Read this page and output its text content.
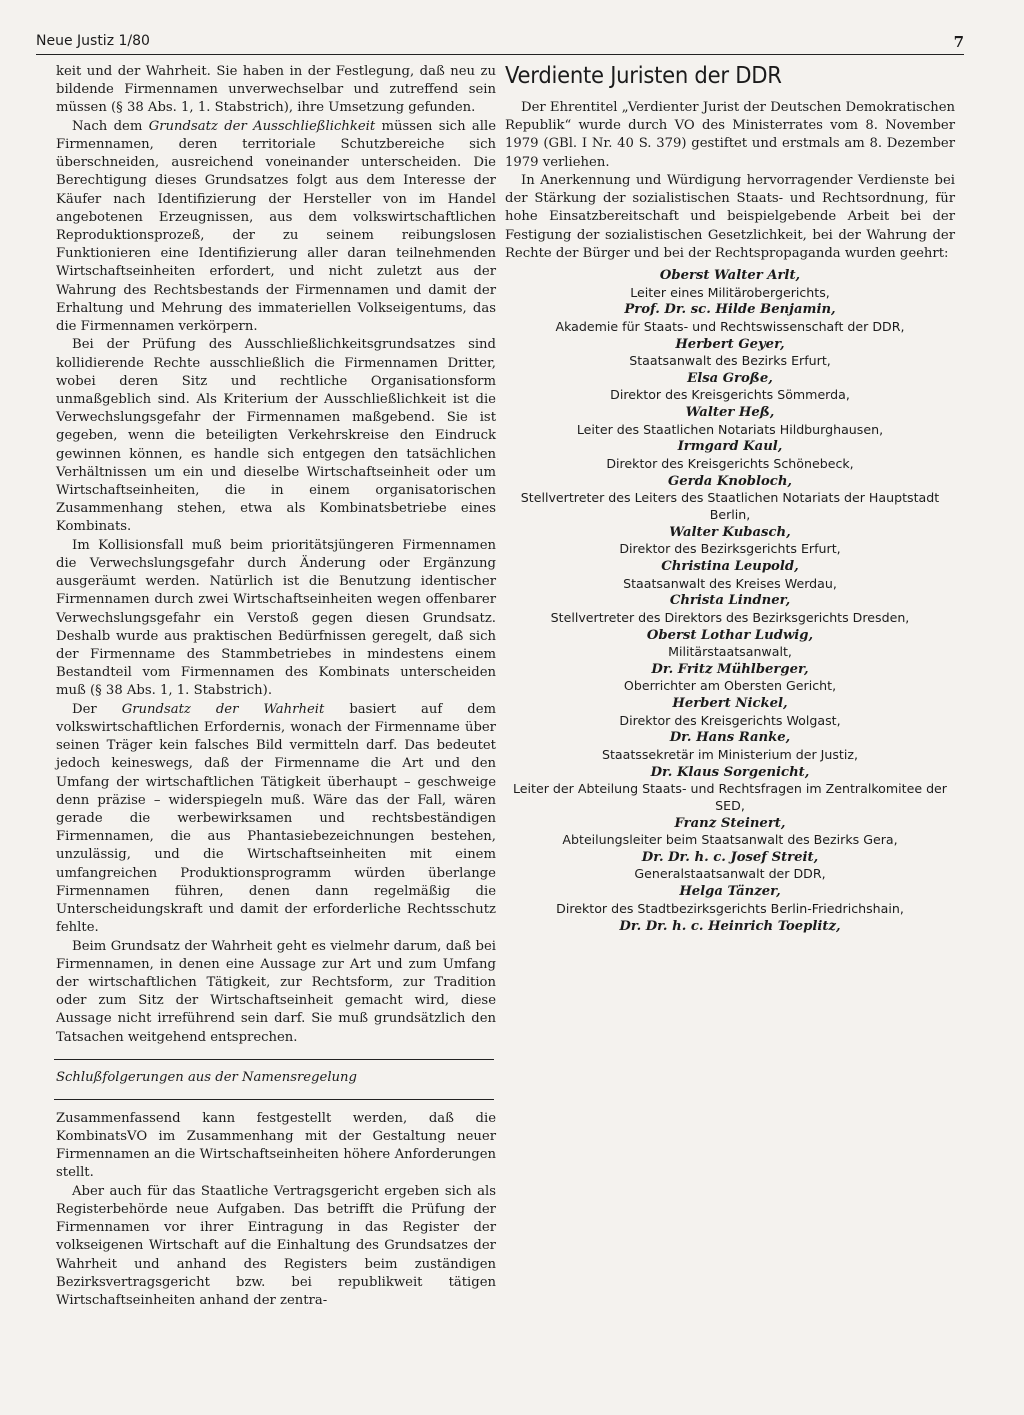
Neue Justiz 1/80	7

keit und der Wahrheit. Sie haben in der Festlegung, daß neu zu bildende Firmennamen unverwechselbar und zutreffend sein müssen (§ 38 Abs. 1, 1. Stabstrich), ihre Umsetzung gefunden.

Nach dem Grundsatz der Ausschließlichkeit müssen sich alle Firmennamen, deren territoriale Schutzbereiche sich überschneiden, ausreichend voneinander unterscheiden. Die Berechtigung dieses Grundsatzes folgt aus dem Interesse der Käufer nach Identifizierung der Hersteller von im Handel angebotenen Erzeugnissen, aus dem volkswirtschaftlichen Reproduktionsprozeß, der zu seinem reibungslosen Funktionieren eine Identifizierung aller daran teilnehmenden Wirtschaftseinheiten erfordert, und nicht zuletzt aus der Wahrung des Rechtsbestands der Firmennamen und damit der Erhaltung und Mehrung des immateriellen Volkseigentums, das die Firmennamen verkörpern.

Bei der Prüfung des Ausschließlichkeitsgrundsatzes sind kollidierende Rechte ausschließlich die Firmennamen Dritter, wobei deren Sitz und rechtliche Organisationsform unmaßgeblich sind. Als Kriterium der Ausschließlichkeit ist die Verwechslungsgefahr der Firmennamen maßgebend. Sie ist gegeben, wenn die beteiligten Verkehrskreise den Eindruck gewinnen können, es handle sich entgegen den tatsächlichen Verhältnissen um ein und dieselbe Wirtschaftseinheit oder um Wirtschaftseinheiten, die in einem organisatorischen Zusammenhang stehen, etwa als Kombinatsbetriebe eines Kombinats.

Im Kollisionsfall muß beim prioritätsjüngeren Firmennamen die Verwechslungsgefahr durch Änderung oder Ergänzung ausgeräumt werden. Natürlich ist die Benutzung identischer Firmennamen durch zwei Wirtschaftseinheiten wegen offenbarer Verwechslungsgefahr ein Verstoß gegen diesen Grundsatz. Deshalb wurde aus praktischen Bedürfnissen geregelt, daß sich der Firmenname des Stammbetriebes in mindestens einem Bestandteil vom Firmennamen des Kombinats unterscheiden muß (§ 38 Abs. 1, 1. Stabstrich).

Der Grundsatz der Wahrheit basiert auf dem volkswirtschaftlichen Erfordernis, wonach der Firmenname über seinen Träger kein falsches Bild vermitteln darf. Das bedeutet jedoch keineswegs, daß der Firmenname die Art und den Umfang der wirtschaftlichen Tätigkeit überhaupt – geschweige denn präzise – widerspiegeln muß. Wäre das der Fall, wären gerade die werbewirksamen und rechtsbeständigen Firmennamen, die aus Phantasiebezeichnungen bestehen, unzulässig, und die Wirtschaftseinheiten mit einem umfangreichen Produktionsprogramm würden überlange Firmennamen führen, denen dann regelmäßig die Unterscheidungskraft und damit der erforderliche Rechtsschutz fehlte.

Beim Grundsatz der Wahrheit geht es vielmehr darum, daß bei Firmennamen, in denen eine Aussage zur Art und zum Umfang der wirtschaftlichen Tätigkeit, zur Rechtsform, zur Tradition oder zum Sitz der Wirtschaftseinheit gemacht wird, diese Aussage nicht irreführend sein darf. Sie muß grundsätzlich den Tatsachen weitgehend entsprechen.

Schlußfolgerungen aus der Namensregelung

Zusammenfassend kann festgestellt werden, daß die KombinatsVO im Zusammenhang mit der Gestaltung neuer Firmennamen an die Wirtschaftseinheiten höhere Anforderungen stellt.

Aber auch für das Staatliche Vertragsgericht ergeben sich als Registerbehörde neue Aufgaben. Das betrifft die Prüfung der Firmennamen vor ihrer Eintragung in das Register der volkseigenen Wirtschaft auf die Einhaltung des Grundsatzes der Wahrheit und anhand des Registers beim zuständigen Bezirksvertragsgericht bzw. bei republikweit tätigen Wirtschaftseinheiten anhand der zentra-

Verdiente Juristen der DDR

Der Ehrentitel „Verdienter Jurist der Deutschen Demokratischen Republik“ wurde durch VO des Ministerrates vom 8. November 1979 (GBl. I Nr. 40 S. 379) gestiftet und erstmals am 8. Dezember 1979 verliehen.

In Anerkennung und Würdigung hervorragender Verdienste bei der Stärkung der sozialistischen Staats- und Rechtsordnung, für hohe Einsatzbereitschaft und beispielgebende Arbeit bei der Festigung der sozialistischen Gesetzlichkeit, bei der Wahrung der Rechte der Bürger und bei der Rechtspropaganda wurden geehrt:

Oberst Walter Arlt,
Leiter eines Militärobergerichts,
Prof. Dr. sc. Hilde Benjamin,
Akademie für Staats- und Rechtswissenschaft der DDR,
Herbert Geyer,
Staatsanwalt des Bezirks Erfurt,
Elsa Große,
Direktor des Kreisgerichts Sömmerda,
Walter Heß,
Leiter des Staatlichen Notariats Hildburghausen,
Irmgard Kaul,
Direktor des Kreisgerichts Schönebeck,
Gerda Knobloch,
Stellvertreter des Leiters des Staatlichen Notariats der Hauptstadt Berlin,
Walter Kubasch,
Direktor des Bezirksgerichts Erfurt,
Christina Leupold,
Staatsanwalt des Kreises Werdau,
Christa Lindner,
Stellvertreter des Direktors des Bezirksgerichts Dresden,
Oberst Lothar Ludwig,
Militärstaatsanwalt,
Dr. Fritz Mühlberger,
Oberrichter am Obersten Gericht,
Herbert Nickel,
Direktor des Kreisgerichts Wolgast,
Dr. Hans Ranke,
Staatssekretär im Ministerium der Justiz,
Dr. Klaus Sorgenicht,
Leiter der Abteilung Staats- und Rechtsfragen im Zentralkomitee der SED,
Franz Steinert,
Abteilungsleiter beim Staatsanwalt des Bezirks Gera,
Dr. Dr. h. c. Josef Streit,
Generalstaatsanwalt der DDR,
Helga Tänzer,
Direktor des Stadtbezirksgerichts Berlin-Friedrichshain,
Dr. Dr. h. c. Heinrich Toeplitz,
